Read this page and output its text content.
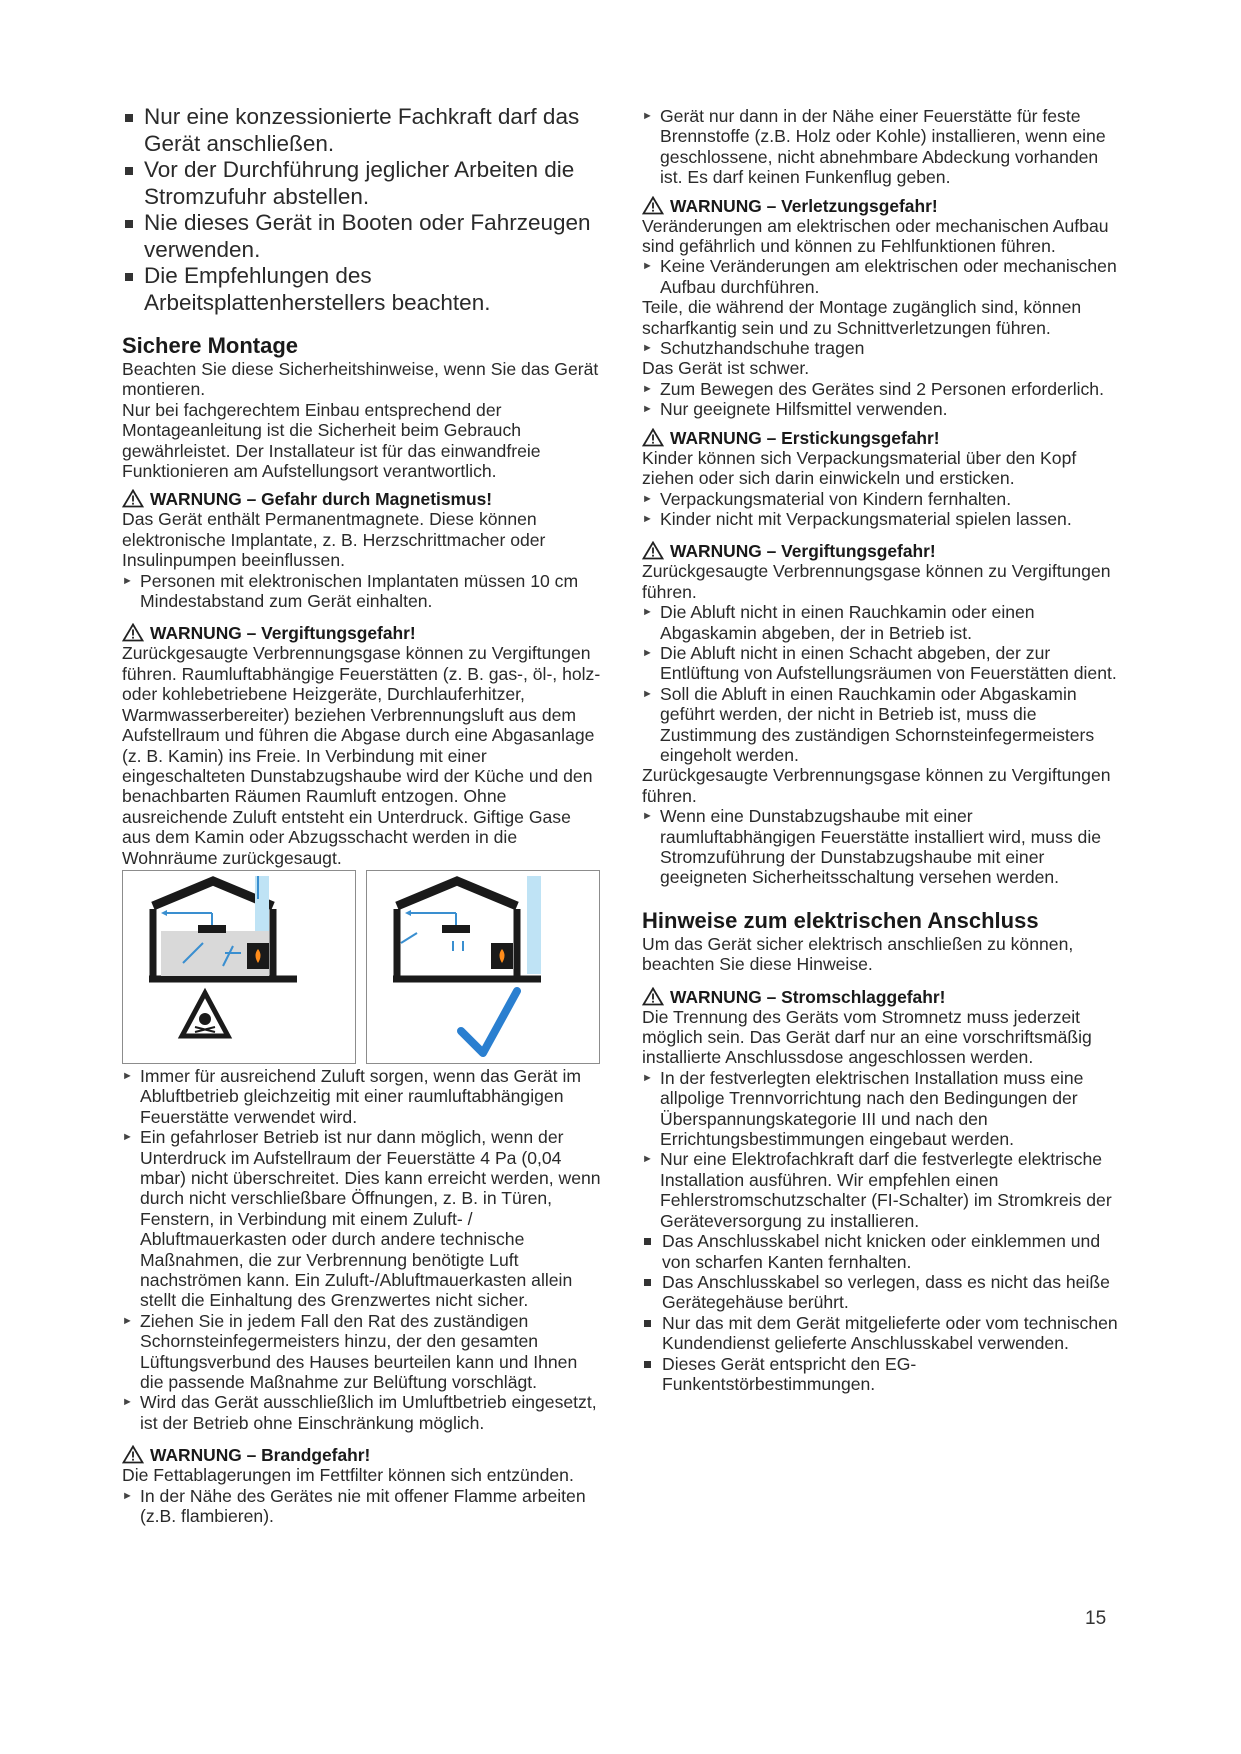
Nur eine konzessionierte Fachkraft darf das Gerät anschließen.
Vor der Durchführung jeglicher Arbeiten die Stromzufuhr abstellen.
Nie dieses Gerät in Booten oder Fahrzeugen verwenden.
Die Empfehlungen des Arbeitsplattenherstellers beachten.

Sichere Montage

Beachten Sie diese Sicherheitshinweise, wenn Sie das Gerät montieren.

Nur bei fachgerechtem Einbau entsprechend der Montageanleitung ist die Sicherheit beim Gebrauch gewährleistet. Der Installateur ist für das einwandfreie Funktionieren am Aufstellungsort verantwortlich.

WARNUNG – Gefahr durch Magnetismus!

Das Gerät enthält Permanentmagnete. Diese können elektronische Implantate, z. B. Herzschrittmacher oder Insulinpumpen beeinflussen.

► Personen mit elektronischen Implantaten müssen 10 cm Mindestabstand zum Gerät einhalten.

WARNUNG – Vergiftungsgefahr!

Zurückgesaugte Verbrennungsgase können zu Vergiftungen führen. Raumluftabhängige Feuerstätten (z. B. gas-, öl-, holz- oder kohlebetriebene Heizgeräte, Durchlauferhitzer, Warmwasserbereiter) beziehen Verbrennungsluft aus dem Aufstellraum und führen die Abgase durch eine Abgasanlage (z. B. Kamin) ins Freie. In Verbindung mit einer eingeschalteten Dunstabzugshaube wird der Küche und den benachbarten Räumen Raumluft entzogen. Ohne ausreichende Zuluft entsteht ein Unterdruck. Giftige Gase aus dem Kamin oder Abzugsschacht werden in die Wohnräume zurückgesaugt.

► Immer für ausreichend Zuluft sorgen, wenn das Gerät im Abluftbetrieb gleichzeitig mit einer raumluftabhängigen Feuerstätte verwendet wird.
► Ein gefahrloser Betrieb ist nur dann möglich, wenn der Unterdruck im Aufstellraum der Feuerstätte 4 Pa (0,04 mbar) nicht überschreitet. Dies kann erreicht werden, wenn durch nicht verschließbare Öffnungen, z. B. in Türen, Fenstern, in Verbindung mit einem Zuluft- / Abluftmauerkasten oder durch andere technische Maßnahmen, die zur Verbrennung benötigte Luft nachströmen kann. Ein Zuluft-/Abluftmauerkasten allein stellt die Einhaltung des Grenzwertes nicht sicher.
► Ziehen Sie in jedem Fall den Rat des zuständigen Schornsteinfegermeisters hinzu, der den gesamten Lüftungsverbund des Hauses beurteilen kann und Ihnen die passende Maßnahme zur Belüftung vorschlägt.
► Wird das Gerät ausschließlich im Umluftbetrieb eingesetzt, ist der Betrieb ohne Einschränkung möglich.

WARNUNG – Brandgefahr!

Die Fettablagerungen im Fettfilter können sich entzünden.

► In der Nähe des Gerätes nie mit offener Flamme arbeiten (z.B. flambieren).
► Gerät nur dann in der Nähe einer Feuerstätte für feste Brennstoffe (z.B. Holz oder Kohle) installieren, wenn eine geschlossene, nicht abnehmbare Abdeckung vorhanden ist. Es darf keinen Funkenflug geben.

WARNUNG – Verletzungsgefahr!

Veränderungen am elektrischen oder mechanischen Aufbau sind gefährlich und können zu Fehlfunktionen führen.

► Keine Veränderungen am elektrischen oder mechanischen Aufbau durchführen.

Teile, die während der Montage zugänglich sind, können scharfkantig sein und zu Schnittverletzungen führen.

► Schutzhandschuhe tragen

Das Gerät ist schwer.

► Zum Bewegen des Gerätes sind 2 Personen erforderlich.
► Nur geeignete Hilfsmittel verwenden.

WARNUNG – Erstickungsgefahr!

Kinder können sich Verpackungsmaterial über den Kopf ziehen oder sich darin einwickeln und ersticken.

► Verpackungsmaterial von Kindern fernhalten.
► Kinder nicht mit Verpackungsmaterial spielen lassen.

WARNUNG – Vergiftungsgefahr!

Zurückgesaugte Verbrennungsgase können zu Vergiftungen führen.

► Die Abluft nicht in einen Rauchkamin oder einen Abgaskamin abgeben, der in Betrieb ist.
► Die Abluft nicht in einen Schacht abgeben, der zur Entlüftung von Aufstellungsräumen von Feuerstätten dient.
► Soll die Abluft in einen Rauchkamin oder Abgaskamin geführt werden, der nicht in Betrieb ist, muss die Zustimmung des zuständigen Schornsteinfegermeisters eingeholt werden.

Zurückgesaugte Verbrennungsgase können zu Vergiftungen führen.

► Wenn eine Dunstabzugshaube mit einer raumluftabhängigen Feuerstätte installiert wird, muss die Stromzuführung der Dunstabzugshaube mit einer geeigneten Sicherheitsschaltung versehen werden.

Hinweise zum elektrischen Anschluss

Um das Gerät sicher elektrisch anschließen zu können, beachten Sie diese Hinweise.

WARNUNG – Stromschlaggefahr!

Die Trennung des Geräts vom Stromnetz muss jederzeit möglich sein. Das Gerät darf nur an eine vorschriftsmäßig installierte Anschlussdose angeschlossen werden.

► In der festverlegten elektrischen Installation muss eine allpolige Trennvorrichtung nach den Bedingungen der Überspannungskategorie III und nach den Errichtungsbestimmungen eingebaut werden.
► Nur eine Elektrofachkraft darf die festverlegte elektrische Installation ausführen. Wir empfehlen einen Fehlerstromschutzschalter (FI-Schalter) im Stromkreis der Geräteversorgung zu installieren.
Das Anschlusskabel nicht knicken oder einklemmen und von scharfen Kanten fernhalten.
Das Anschlusskabel so verlegen, dass es nicht das heiße Gerätegehäuse berührt.
Nur das mit dem Gerät mitgelieferte oder vom technischen Kundendienst gelieferte Anschlusskabel verwenden.
Dieses Gerät entspricht den EG-Funkentstörbestimmungen.
15
